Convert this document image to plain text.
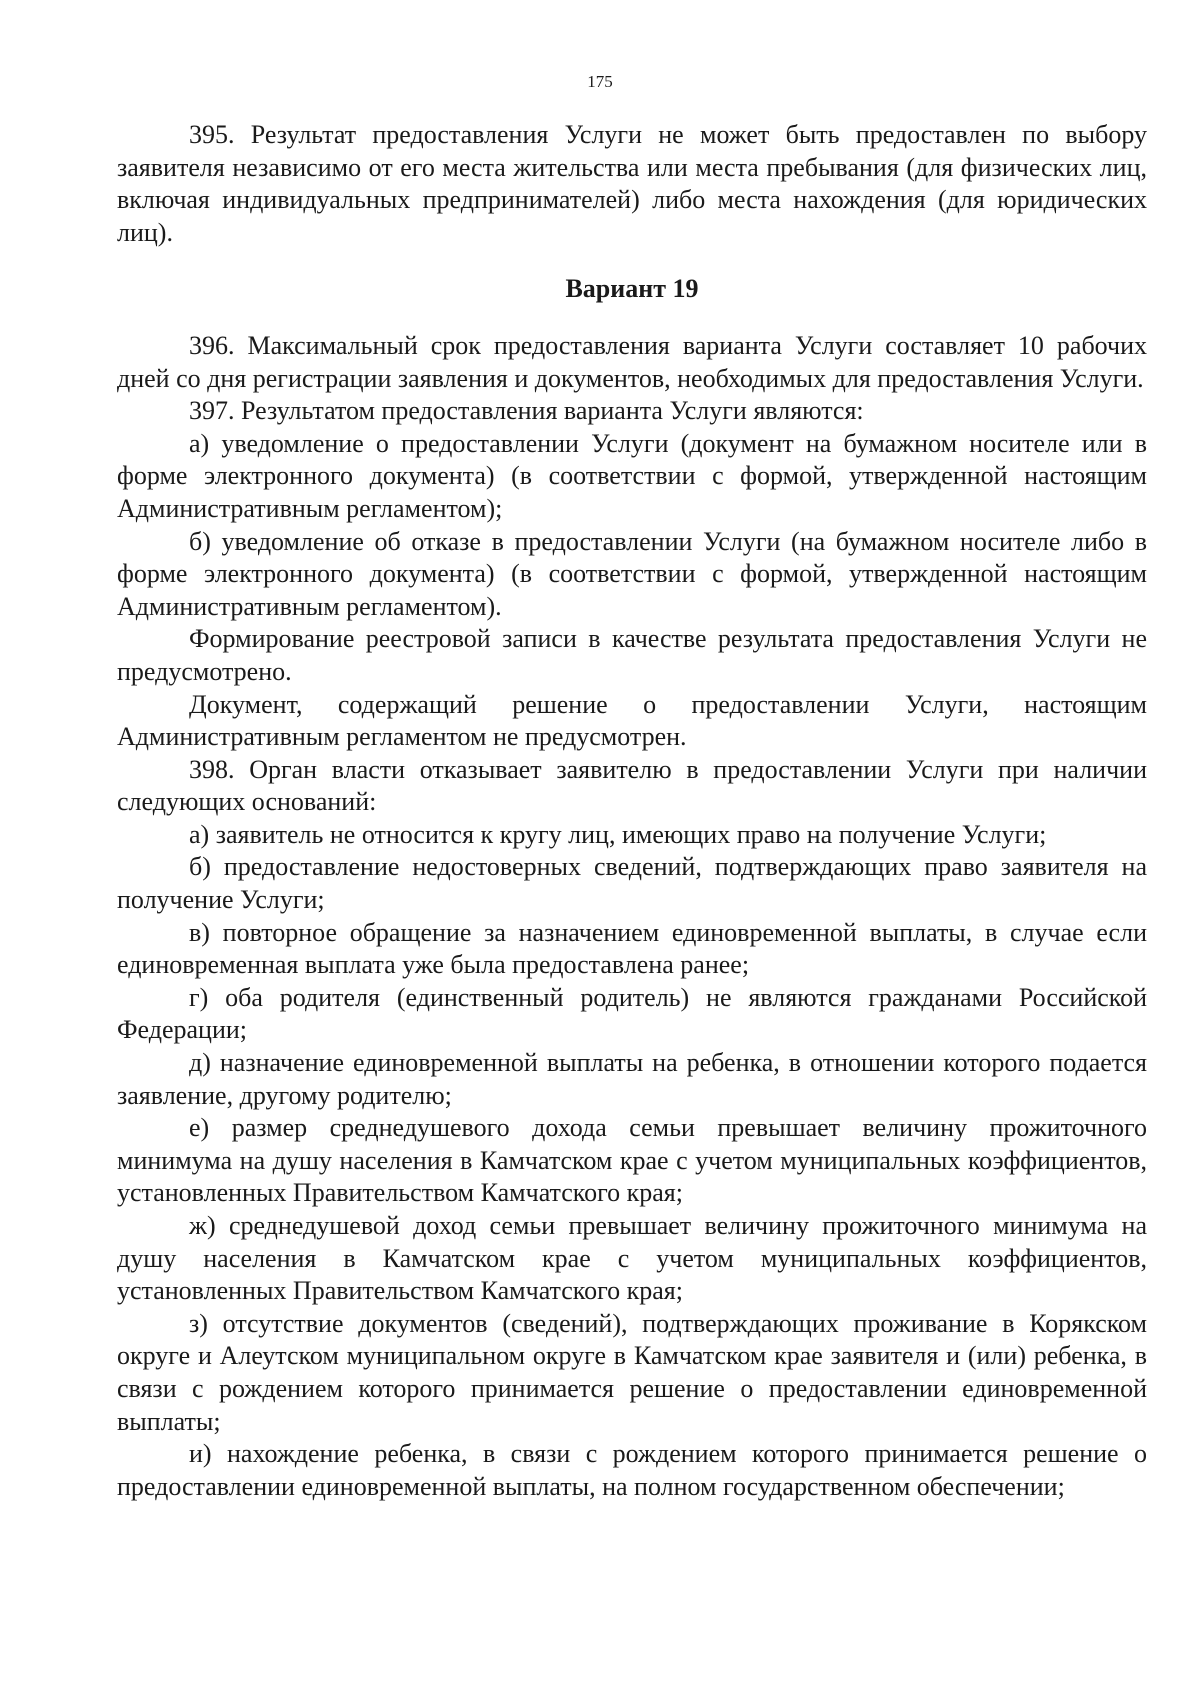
175

395. Результат предоставления Услуги не может быть предоставлен по выбору заявителя независимо от его места жительства или места пребывания (для физических лиц, включая индивидуальных предпринимателей) либо места нахождения (для юридических лиц).

Вариант 19

396. Максимальный срок предоставления варианта Услуги составляет 10 рабочих дней со дня регистрации заявления и документов, необходимых для предоставления Услуги.

397. Результатом предоставления варианта Услуги являются:

а) уведомление о предоставлении Услуги (документ на бумажном носителе или в форме электронного документа) (в соответствии с формой, утвержденной настоящим Административным регламентом);

б) уведомление об отказе в предоставлении Услуги (на бумажном носителе либо в форме электронного документа) (в соответствии с формой, утвержденной настоящим Административным регламентом).

Формирование реестровой записи в качестве результата предоставления Услуги не предусмотрено.

Документ, содержащий решение о предоставлении Услуги, настоящим Административным регламентом не предусмотрен.

398. Орган власти отказывает заявителю в предоставлении Услуги при наличии следующих оснований:

а) заявитель не относится к кругу лиц, имеющих право на получение Услуги;

б) предоставление недостоверных сведений, подтверждающих право заявителя на получение Услуги;

в) повторное обращение за назначением единовременной выплаты, в случае если единовременная выплата уже была предоставлена ранее;

г) оба родителя (единственный родитель) не являются гражданами Российской Федерации;

д) назначение единовременной выплаты на ребенка, в отношении которого подается заявление, другому родителю;

е) размер среднедушевого дохода семьи превышает величину прожиточного минимума на душу населения в Камчатском крае с учетом муниципальных коэффициентов, установленных Правительством Камчатского края;

ж) среднедушевой доход семьи превышает величину прожиточного минимума на душу населения в Камчатском крае с учетом муниципальных коэффициентов, установленных Правительством Камчатского края;

з) отсутствие документов (сведений), подтверждающих проживание в Корякском округе и Алеутском муниципальном округе в Камчатском крае заявителя и (или) ребенка, в связи с рождением которого принимается решение о предоставлении единовременной выплаты;

и) нахождение ребенка, в связи с рождением которого принимается решение о предоставлении единовременной выплаты, на полном государственном обеспечении;
